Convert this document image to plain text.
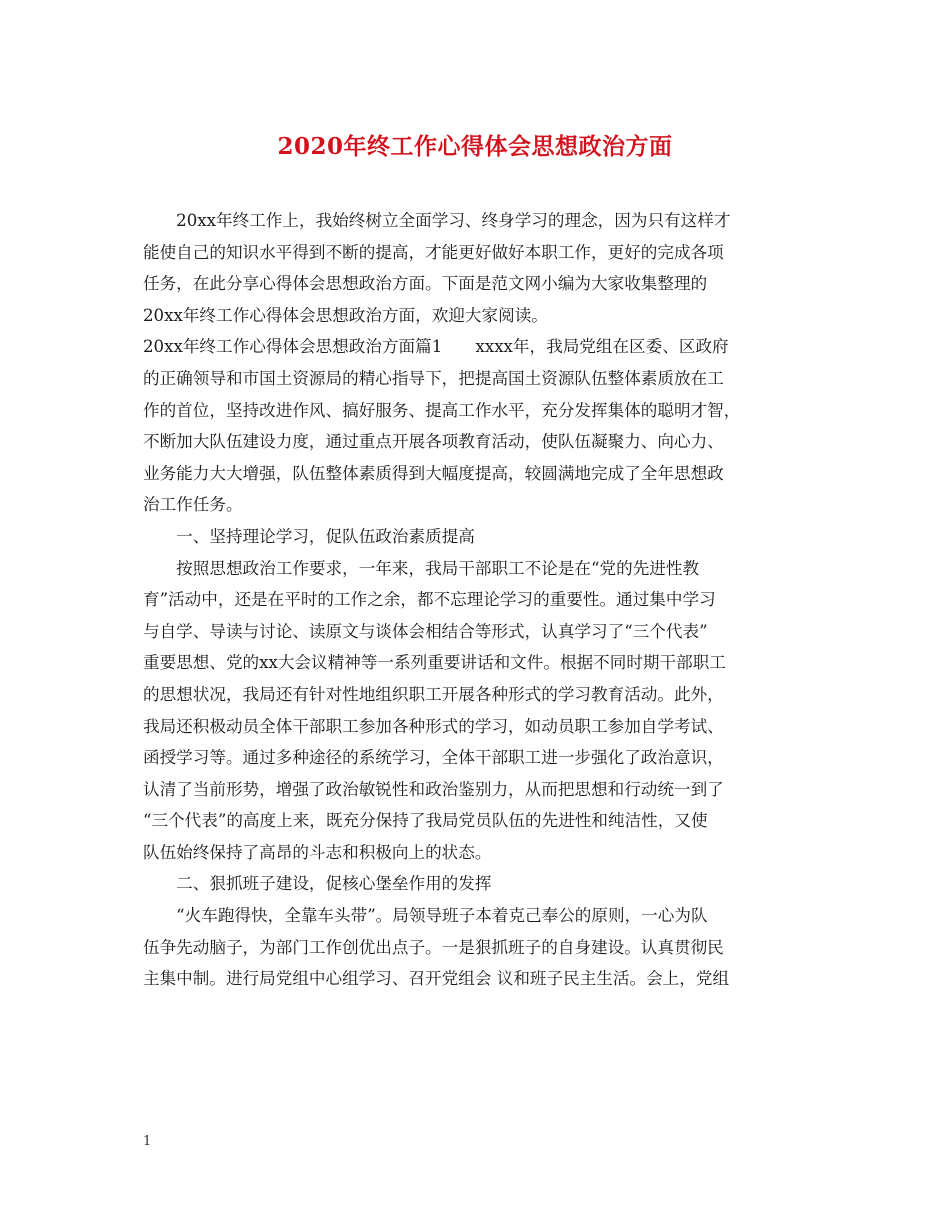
2020年终工作心得体会思想政治方面
　　20xx年终工作上，我始终树立全面学习、终身学习的理念，因为只有这样才
能使自己的知识水平得到不断的提高，才能更好做好本职工作，更好的完成各项
任务，在此分享心得体会思想政治方面。下面是范文网小编为大家收集整理的
20xx年终工作心得体会思想政治方面，欢迎大家阅读。
20xx年终工作心得体会思想政治方面篇1　　xxxx年，我局党组在区委、区政府
的正确领导和市国土资源局的精心指导下，把提高国土资源队伍整体素质放在工
作的首位，坚持改进作风、搞好服务、提高工作水平，充分发挥集体的聪明才智，
不断加大队伍建设力度，通过重点开展各项教育活动，使队伍凝聚力、向心力、
业务能力大大增强，队伍整体素质得到大幅度提高，较圆满地完成了全年思想政
治工作任务。
　　一、坚持理论学习，促队伍政治素质提高
　　按照思想政治工作要求，一年来，我局干部职工不论是在“党的先进性教
育”活动中，还是在平时的工作之余，都不忘理论学习的重要性。通过集中学习
与自学、导读与讨论、读原文与谈体会相结合等形式，认真学习了“三个代表”
重要思想、党的xx大会议精神等一系列重要讲话和文件。根据不同时期干部职工
的思想状况，我局还有针对性地组织职工开展各种形式的学习教育活动。此外，
我局还积极动员全体干部职工参加各种形式的学习，如动员职工参加自学考试、
函授学习等。通过多种途径的系统学习，全体干部职工进一步强化了政治意识，
认清了当前形势，增强了政治敏锐性和政治鉴别力，从而把思想和行动统一到了
“三个代表”的高度上来，既充分保持了我局党员队伍的先进性和纯洁性，又使
队伍始终保持了高昂的斗志和积极向上的状态。
　　二、狠抓班子建设，促核心堡垒作用的发挥
　　“火车跑得快，全靠车头带”。局领导班子本着克己奉公的原则，一心为队
伍争先动脑子，为部门工作创优出点子。一是狠抓班子的自身建设。认真贯彻民
主集中制。进行局党组中心组学习、召开党组会 议和班子民主生活。会上，党组
1
